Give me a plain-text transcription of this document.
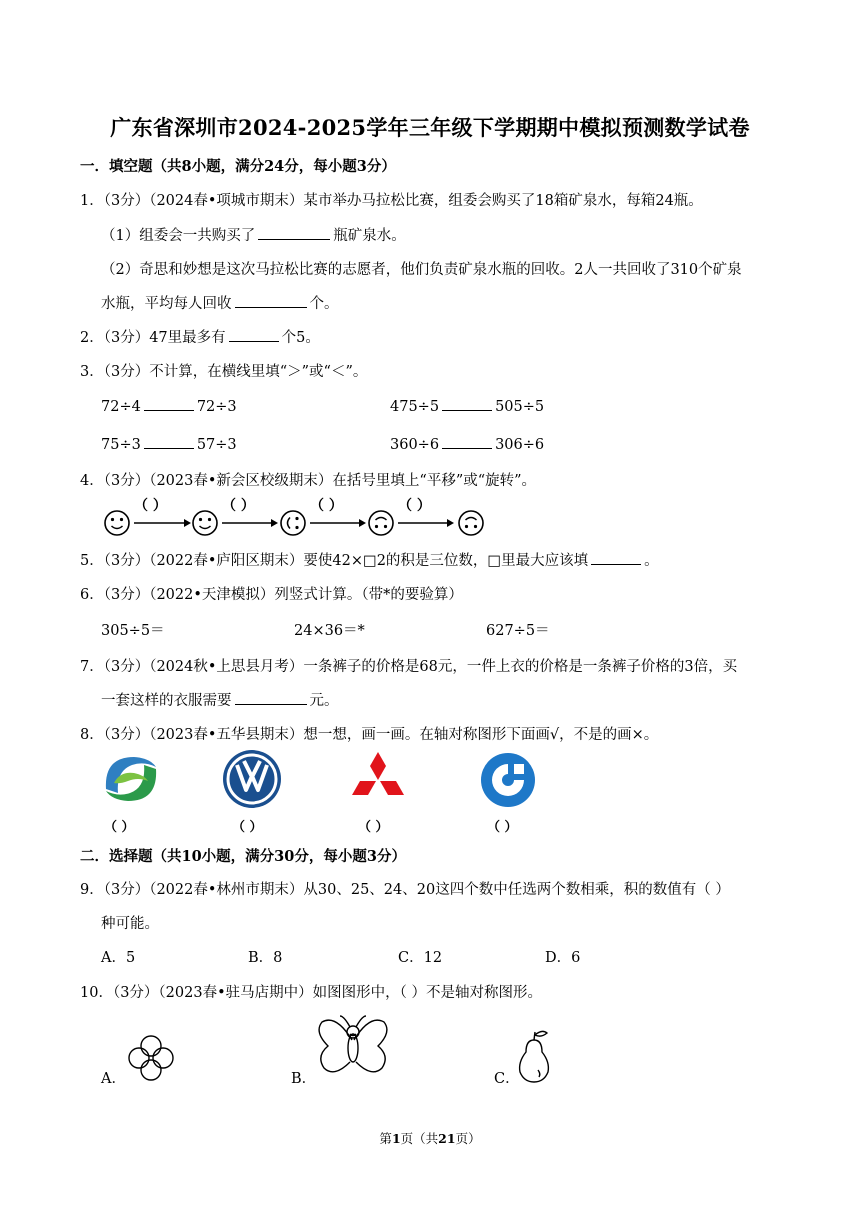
广东省深圳市2024-2025学年三年级下学期期中模拟预测数学试卷
一．填空题（共8小题，满分24分，每小题3分）
1．（3分）（2024春•项城市期末）某市举办马拉松比赛，组委会购买了18箱矿泉水，每箱24瓶。
（1）组委会一共购买了	瓶矿泉水。
（2）奇思和妙想是这次马拉松比赛的志愿者，他们负责矿泉水瓶的回收。2人一共回收了310个矿泉
水瓶，平均每人回收	个。
2．（3分）47里最多有	个5。
3．（3分）不计算，在横线里填“＞”或“＜”。
72÷4	72÷3	475÷5	505÷5
75÷3	57÷3	360÷6	306÷6
4．（3分）（2023春•新会区校级期末）在括号里填上“平移”或“旋转”。
（ ）	（ ）	（ ）	（ ）
5．（3分）（2022春•庐阳区期末）要使42×□2的积是三位数，□里最大应该填	。
6．（3分）（2022•天津模拟）列竖式计算。（带*的要验算）
305÷5＝	24×36＝*	627÷5＝
7．（3分）（2024秋•上思县月考）一条裤子的价格是68元，一件上衣的价格是一条裤子价格的3倍，买
一套这样的衣服需要	元。
8．（3分）（2023春•五华县期末）想一想，画一画。在轴对称图形下面画√，不是的画×。
（ ）	（ ）	（ ）	（ ）
二．选择题（共10小题，满分30分，每小题3分）
9．（3分）（2022春•林州市期末）从30、25、24、20这四个数中任选两个数相乘，积的数值有（ ）
种可能。
A．5	B．8	C．12	D．6
10．（3分）（2023春•驻马店期中）如图图形中，（ ）不是轴对称图形。
A．	B．	C．
第1页（共21页）
